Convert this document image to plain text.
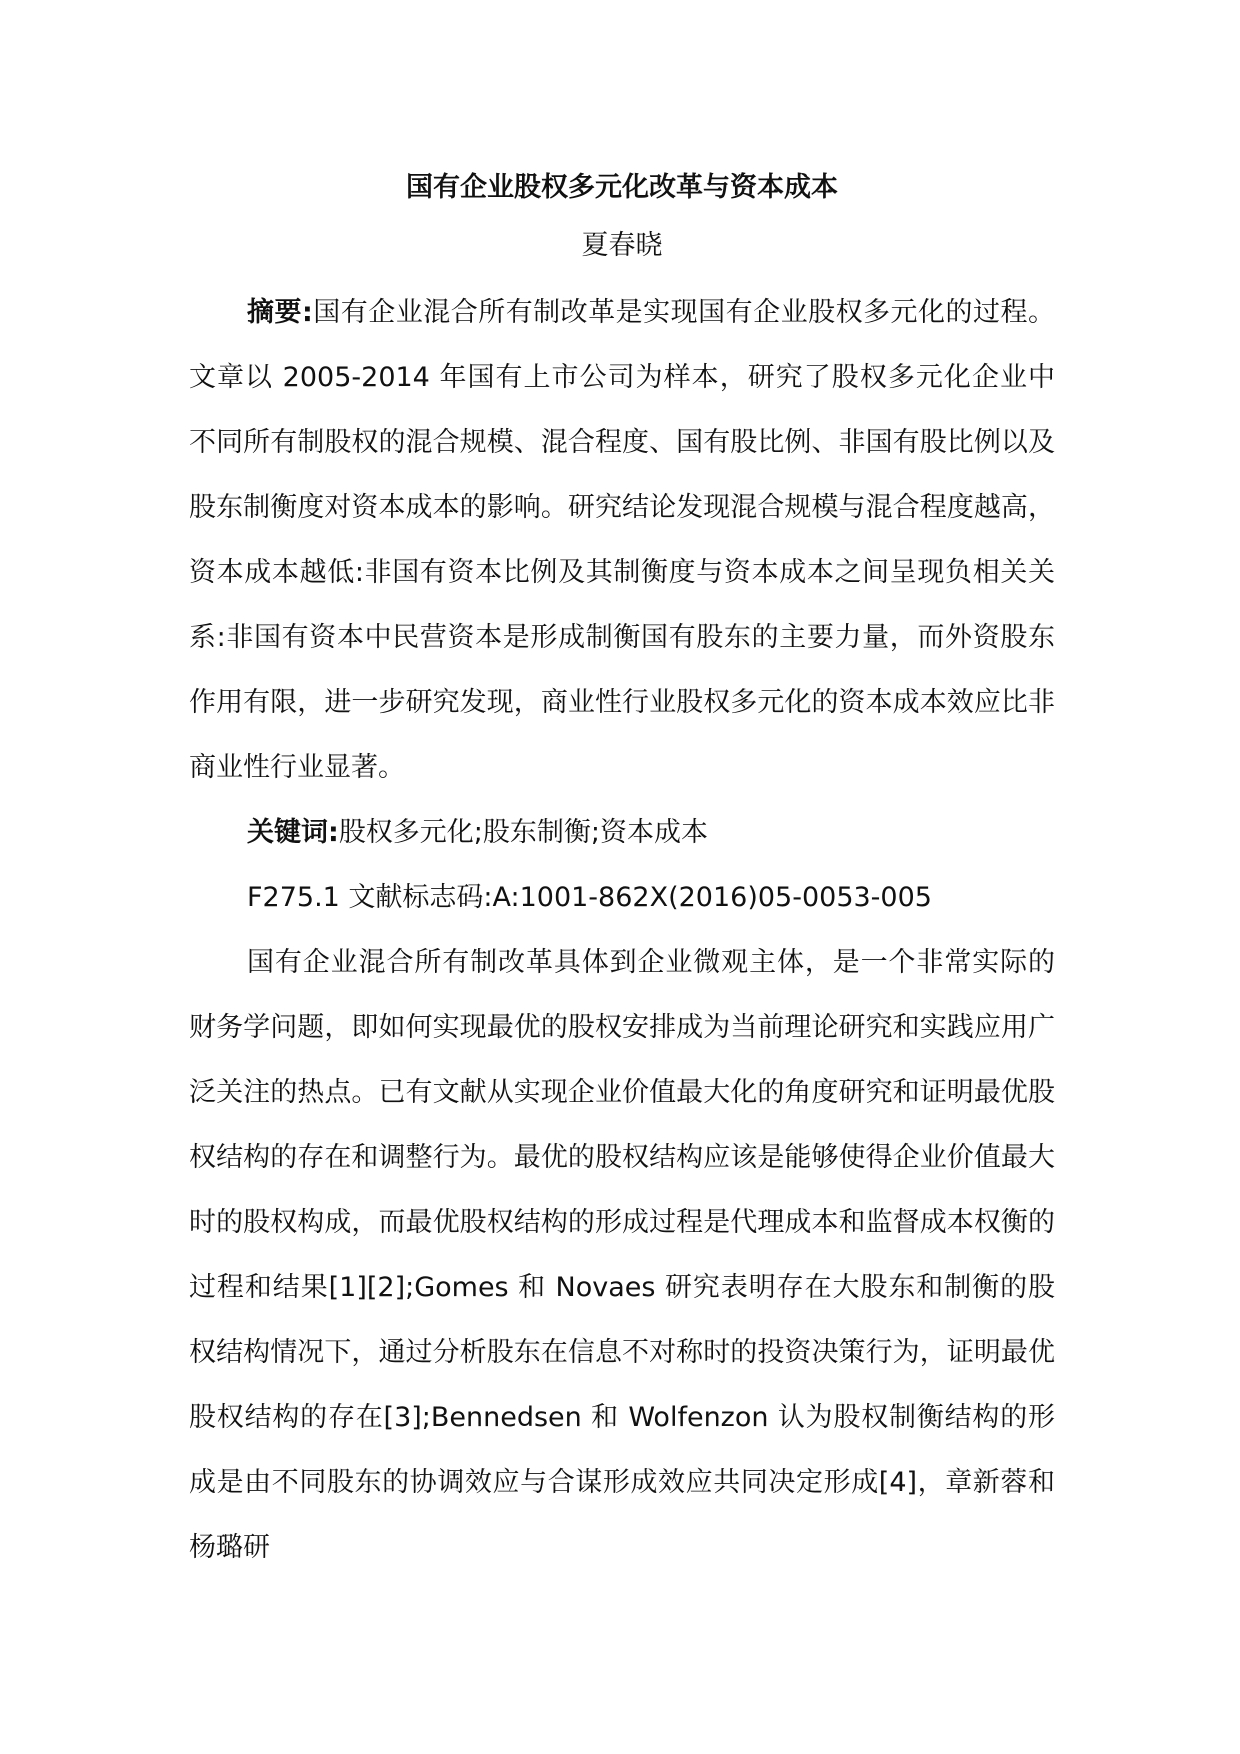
国有企业股权多元化改革与资本成本
夏春晓

摘要:国有企业混合所有制改革是实现国有企业股权多元化的过程。文章以 2005-2014 年国有上市公司为样本，研究了股权多元化企业中不同所有制股权的混合规模、混合程度、国有股比例、非国有股比例以及股东制衡度对资本成本的影响。研究结论发现混合规模与混合程度越高，资本成本越低:非国有资本比例及其制衡度与资本成本之间呈现负相关关系:非国有资本中民营资本是形成制衡国有股东的主要力量，而外资股东作用有限，进一步研究发现，商业性行业股权多元化的资本成本效应比非商业性行业显著。

关键词:股权多元化;股东制衡;资本成本
F275.1 文献标志码:A:1001-862X(2016)05-0053-005

国有企业混合所有制改革具体到企业微观主体，是一个非常实际的财务学问题，即如何实现最优的股权安排成为当前理论研究和实践应用广泛关注的热点。已有文献从实现企业价值最大化的角度研究和证明最优股权结构的存在和调整行为。最优的股权结构应该是能够使得企业价值最大时的股权构成，而最优股权结构的形成过程是代理成本和监督成本权衡的过程和结果[1][2];Gomes 和 Novaes 研究表明存在大股东和制衡的股权结构情况下，通过分析股东在信息不对称时的投资决策行为，证明最优股权结构的存在[3];Bennedsen 和 Wolfenzon 认为股权制衡结构的形成是由不同股东的协调效应与合谋形成效应共同决定形成[4]，章新蓉和杨璐研
